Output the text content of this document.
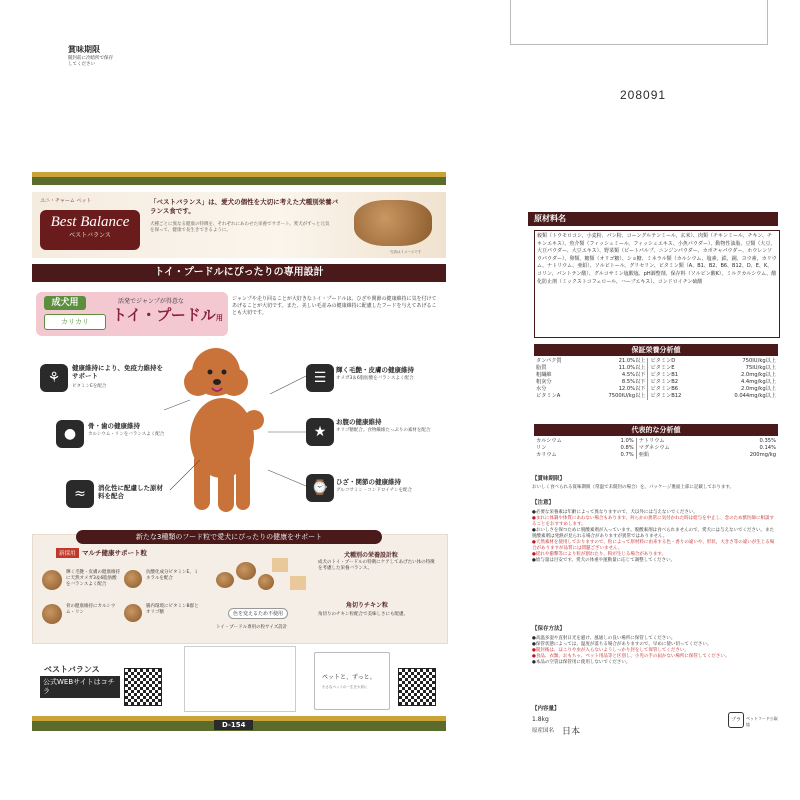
賞味期限
開封前に冷暗所で保存してください
208091
ユニ・チャーム ペット
Best Balance
ベストバランス
「ベストバランス」は、愛犬の個性を大切に考えた犬種別栄養バランス食です。
犬種ごとに異なる健康の特徴を、それぞれにあわせた栄養でサポート。愛犬がずっと元気を保って、健康で長生きできるように。
写真はイメージです
トイ・プードルにぴったりの専用設計
成犬用
カリカリ
活発でジャンプが得意な
トイ・プードル用
ジャンプや走り回ることが大好きなトイ・プードルは、ひざや関節の健康維持に気を付けてあげることが大切です。また、美しい毛並みの健康維持に配慮したフードを与えてあげることも大切です。
⚘
健康維持により、免疫力維持をサポート
ビタミンEを配合
●	骨・歯の健康維持
カルシウム・リンをバランスよく配合
≈	消化性に配慮した原材料を配合
☰	輝く毛艶・皮膚の健康維持
オメガ3＆6脂肪酸をバランスよく配合
★
お腹の健康維持
オリゴ糖配合。食物繊維たっぷりの素材を配合
⌚	ひざ・関節の健康維持
グルコサミン・コンドロイチンを配合
新たな3種類のフード粒で愛犬にぴったりの健康をサポート
新採用 マルチ健康サポート粒
輝く毛艶・皮膚の健康維持に天然オメガ3＆6脂肪酸をバランスよく配合
抗酸化成分ビタミンE、ミネラルを配合
骨の健康維持にカルシウム・リン
腸内環境にビタミンB群とオリゴ糖	色を変えるため不使用
トイ・プードル専用の粒サイズ設計
犬種別の栄養設計粒
成犬のトイ・プードルの特徴にケアしてあげたい体の特徴を考慮した栄養バランス。
角切りチキン粒
角切りのチキン粒配合で美味しさにも配慮。
ベストバランス
公式WEBサイトはコチラ
ペットと、ずっと。
小さなペットの一生を大切に
D-154
原材料名
穀類（トウモロコシ、小麦粉、パン粉、コーングルテンミール、玄米）、肉類（チキンミール、チキン、チキンエキス）、魚介類（フィッシュミール、フィッシュエキス、小魚パウダー）、動物性油脂、豆類（大豆、大豆パウダー、大豆エキス）、野菜類（ビートパルプ、ニンジンパウダー、カボチャパウダー、ホウレンソウパウダー）、卵類、糖類（オリゴ糖）、ショ糖、ミネラル類（カルシウム、塩素、鉄、銅、ヨウ素、カリウム、ナトリウム、亜鉛）、ソルビトール、グリセリン、ビタミン類（A、B1、B2、B6、B12、D、E、K、コリン、パントテン酸）、グルコサミン塩酸塩、pH調整剤、保存料（ソルビン酸K）、ミルクカルシウム、酸化防止剤（ミックストコフェロール、ハーブエキス）、コンドロイチン硫酸
保証栄養分析値
タンパク質	21.0%以上	ビタミンD	750IU/kg以上
脂質	11.0%以上	ビタミンE	75IU/kg以上
粗繊維	4.5%以下	ビタミンB1	2.0mg/kg以上
粗灰分	8.5%以下	ビタミンB2	4.4mg/kg以上
水分	12.0%以下	ビタミンB6	2.0mg/kg以上
ビタミンA	7500IU/kg以上	ビタミンB12	0.044mg/kg以上
代表的な分析値
カルシウム	1.0%	ナトリウム	0.35%
リン	0.8%	マグネシウム	0.14%
カリウム	0.7%	亜鉛	200mg/kg
【賞味期限】
おいしく食べられる賞味期限（常温で未開封の場合）を、パッケージ裏面上部に記載しております。
【注意】
●必要な栄養素は年齢によって異なりますので、犬以外には与えないでください。
●まれに体調や体質にあわない場合もあります。何らかの異常に気付かれた時は給与を中止し、念のため獣医師に相談することをおすすめします。
●おいしさを保つために脱酸素剤が入っています。脱酸素剤は食べられませんので、愛犬には与えないでください。また脱酸素剤は発熱が見られる場合がありますが異常ではありません。
●天然素材を使用しておりますので、粒によって原材料に由来する色・香りの違いや、形状、大きさ等の違いが生じる場合がありますが品質には問題ございません。
●揺れや衝撃等により粒が割れたり、粉が生じる場合があります。
●給与量は目安です。愛犬の体重や運動量に応じて調整してください。
【保存方法】
●高温多湿や直射日光を避け、風通しの良い場所に保管してください。
●保管状態によっては、温度が落ちる場合がありますので、早めに使い切ってください。
●開封後は、ほこりや虫が入らないようしっかり封をして保管してください。
●食品、衣類、おもちゃ、ペット用品等と区別し、小児の手の届かない場所に保管してください。
●本品の空袋は保管用に使用しないでください。
【内容量】
1.8kg
原産国名 日本
プラ	ペットフード公取協
